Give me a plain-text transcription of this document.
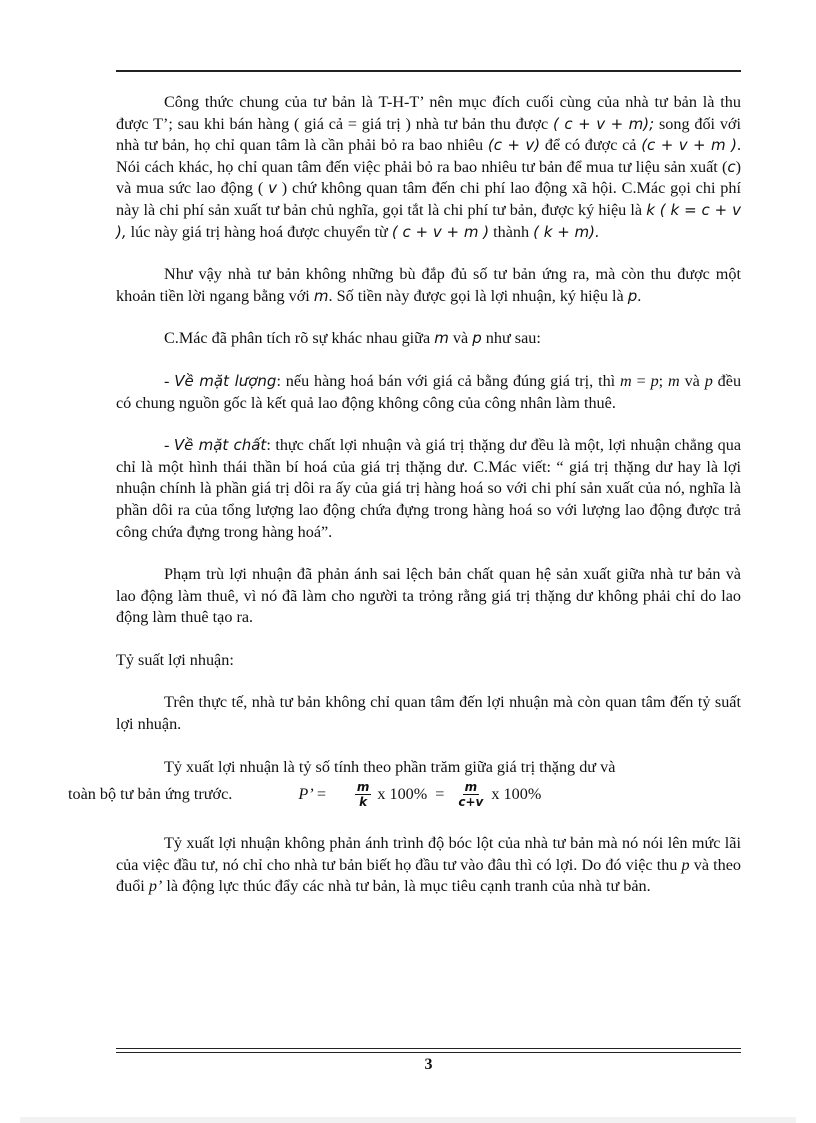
Công thức chung của tư bản là T-H-T’ nên mục đích cuối cùng của nhà tư bản là thu được T’; sau khi bán hàng ( giá cả = giá trị ) nhà tư bản thu được ( c + v + m); song đối với nhà tư bản, họ chỉ quan tâm là cần phải bỏ ra bao nhiêu (c + v) để có được cả (c + v + m ). Nói cách khác, họ chỉ quan tâm đến việc phải bỏ ra bao nhiêu tư bản để mua tư liệu sản xuất (c) và mua sức lao động ( v ) chứ không quan tâm đến chi phí lao động xã hội. C.Mác gọi chi phí này là chi phí sản xuất tư bản chủ nghĩa, gọi tắt là chi phí tư bản, được ký hiệu là k ( k = c + v ), lúc này giá trị hàng hoá được chuyển từ ( c + v + m ) thành ( k + m).

Như vậy nhà tư bản không những bù đắp đủ số tư bản ứng ra, mà còn thu được một khoản tiền lời ngang bằng với m. Số tiền này được gọi là lợi nhuận, ký hiệu là p.

C.Mác đã phân tích rõ sự khác nhau giữa m và p như sau:

- Về mặt lượng: nếu hàng hoá bán với giá cả bằng đúng giá trị, thì m = p; m và p đều có chung nguồn gốc là kết quả lao động không công của công nhân làm thuê.

- Về mặt chất: thực chất lợi nhuận và giá trị thặng dư đều là một, lợi nhuận chẳng qua chỉ là một hình thái thần bí hoá của giá trị thặng dư. C.Mác viết: “ giá trị thặng dư hay là lợi nhuận chính là phần giá trị dôi ra ấy của giá trị hàng hoá so với chi phí sản xuất của nó, nghĩa là phần dôi ra của tổng lượng lao động chứa đựng trong hàng hoá so với lượng lao động được trả công chứa đựng trong hàng hoá”.

Phạm trù lợi nhuận đã phản ánh sai lệch bản chất quan hệ sản xuất giữa nhà tư bản và lao động làm thuê, vì nó đã làm cho người ta trỏng rằng giá trị thặng dư không phải chỉ do lao động làm thuê tạo ra.

Tỷ suất lợi nhuận:

Trên thực tế, nhà tư bản không chỉ quan tâm đến lợi nhuận mà còn quan tâm đến tỷ suất lợi nhuận.

Tỷ xuất lợi nhuận là tỷ số tính theo phần trăm giữa giá trị thặng dư và

toàn bộ tư bản ứng trước.	P’ = $\frac{m}{k}$ x $100\% = \frac{m}{c+v}$ x 100%

Tỷ xuất lợi nhuận không phản ánh trình độ bóc lột của nhà tư bản mà nó nói lên mức lãi của việc đầu tư, nó chỉ cho nhà tư bản biết họ đầu tư vào đâu thì có lợi. Do đó việc thu p và theo đuổi p’ là động lực thúc đẩy các nhà tư bản, là mục tiêu cạnh tranh của nhà tư bản.

3
